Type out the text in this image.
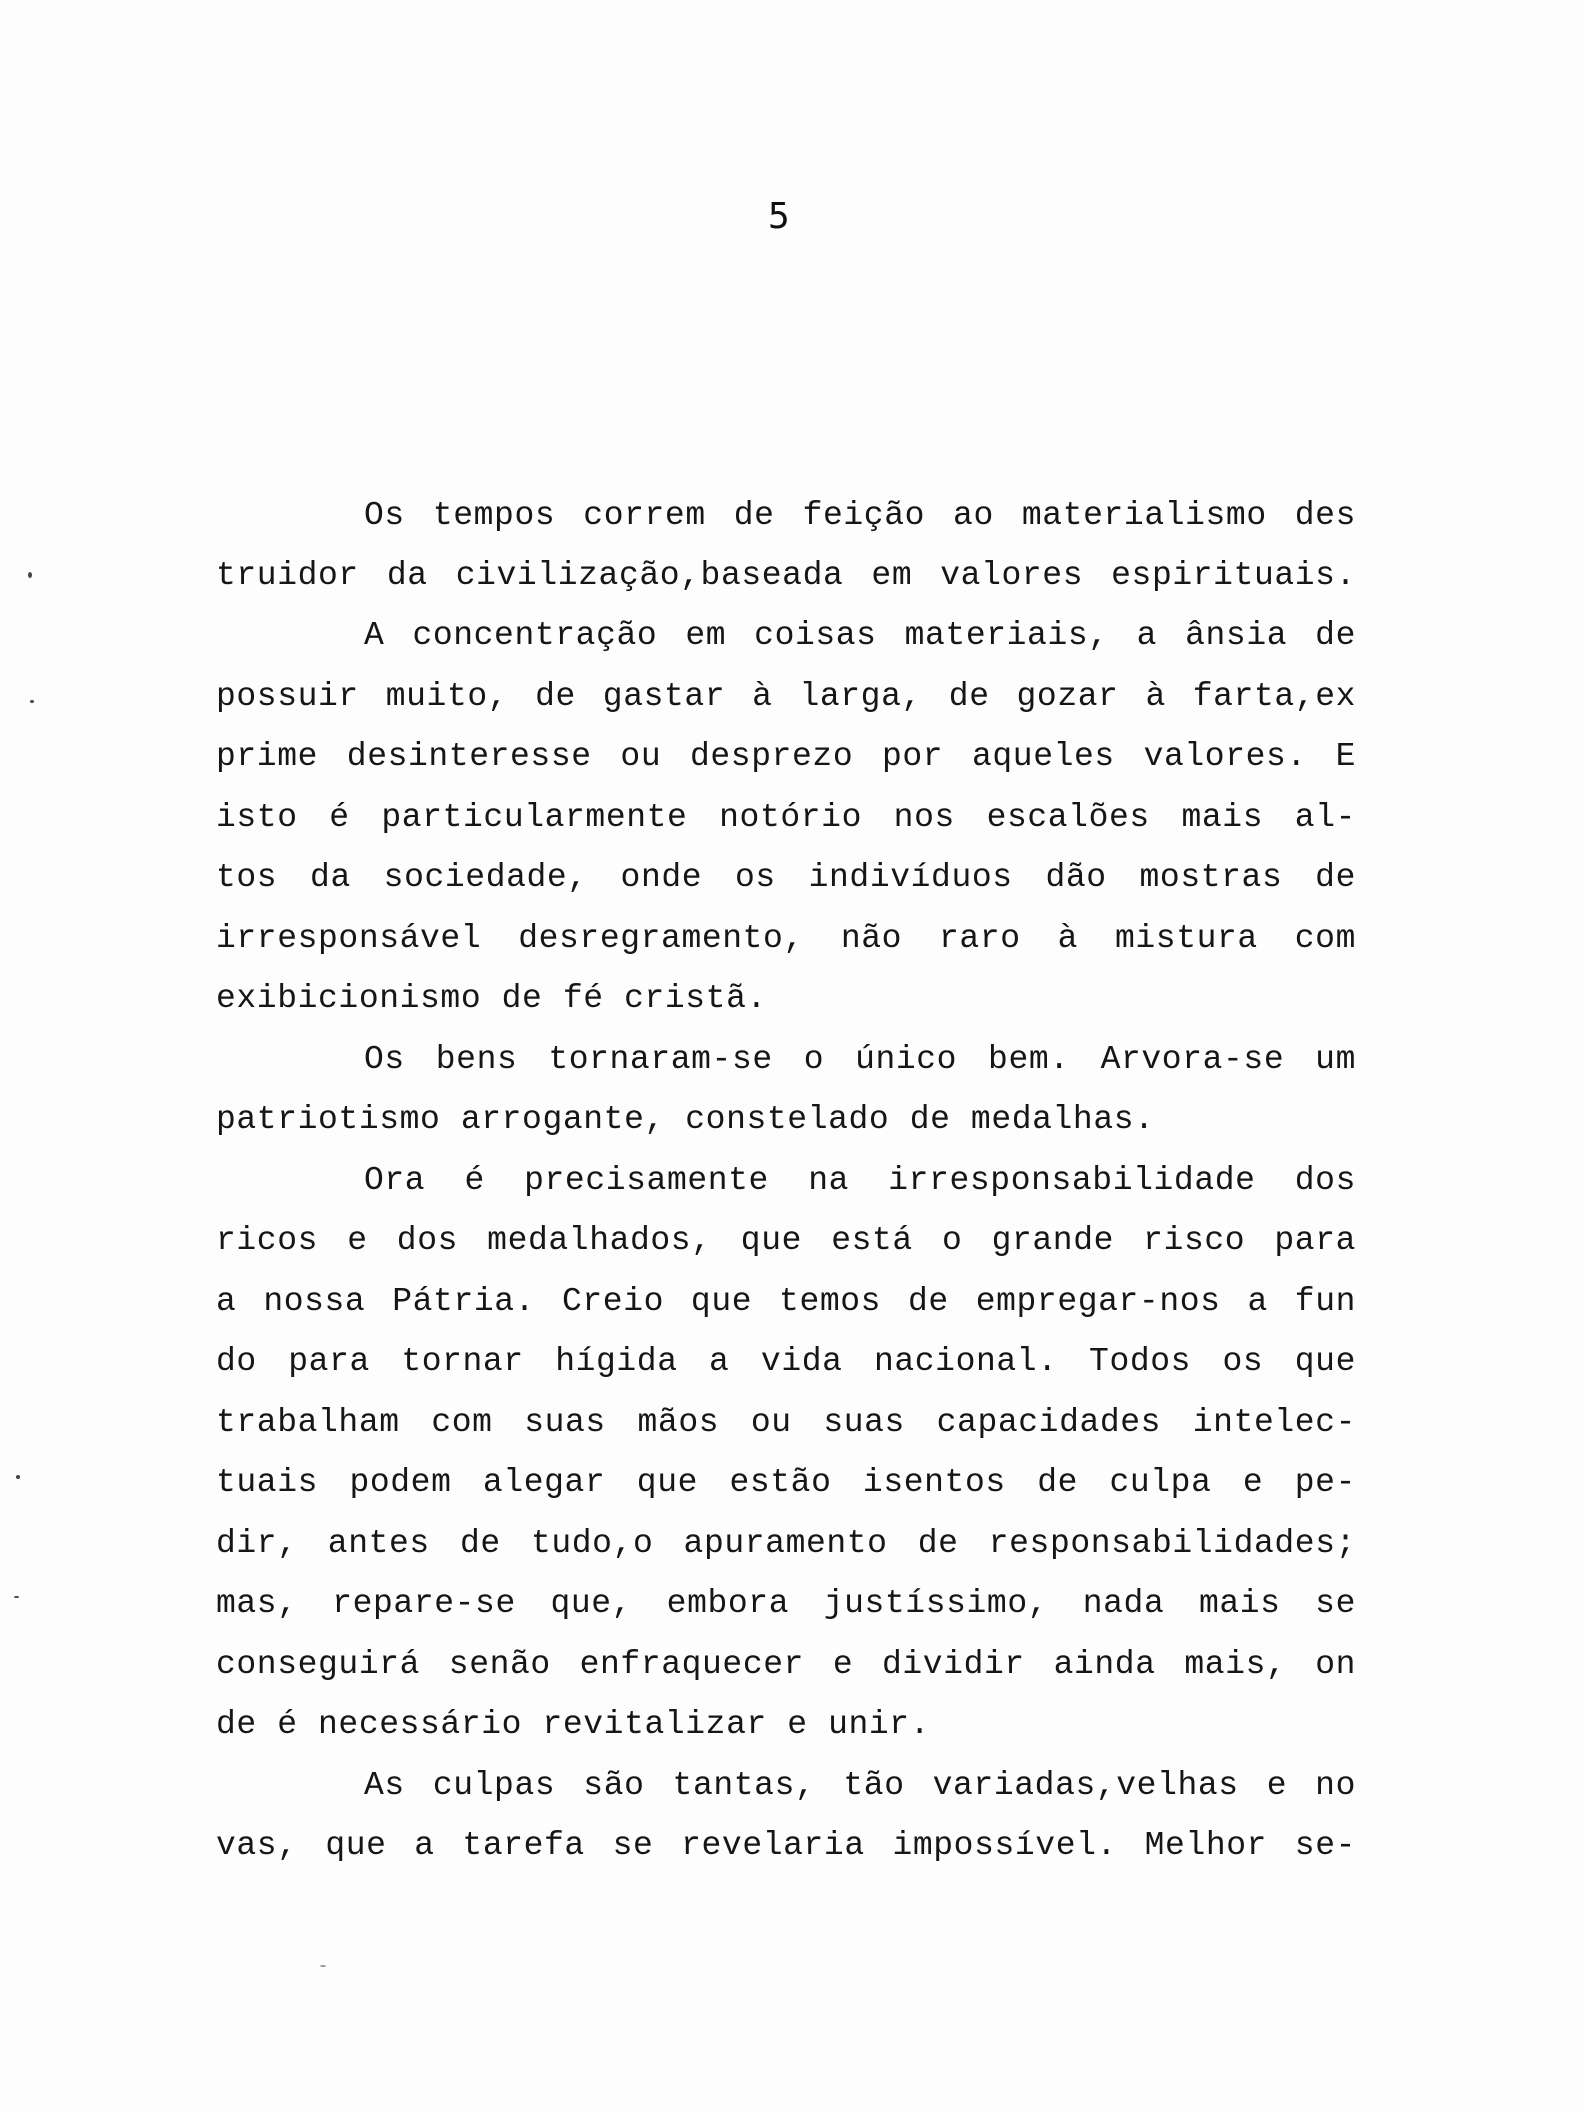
5

Os tempos correm de feição ao materialismo des

truidor da civilização,baseada em valores espirituais.

A concentração em coisas materiais, a ânsia de

possuir muito, de gastar à larga, de gozar à farta,ex

prime desinteresse ou desprezo por aqueles valores. E

isto é particularmente notório nos escalões mais al-

tos da sociedade, onde os indivíduos dão mostras de

irresponsável desregramento, não raro à mistura com

exibicionismo de fé cristã.

Os bens tornaram-se o único bem. Arvora-se um

patriotismo arrogante, constelado de medalhas.

Ora é precisamente na irresponsabilidade dos

ricos e dos medalhados, que está o grande risco para

a nossa Pátria. Creio que temos de empregar-nos a fun

do para tornar hígida a vida nacional. Todos os que

trabalham com suas mãos ou suas capacidades intelec-

tuais podem alegar que estão isentos de culpa e pe-

dir, antes de tudo,o apuramento de responsabilidades;

mas, repare-se que, embora justíssimo, nada mais se

conseguirá senão enfraquecer e dividir ainda mais, on

de é necessário revitalizar e unir.

As culpas são tantas, tão variadas,velhas e no

vas, que a tarefa se revelaria impossível. Melhor se-
